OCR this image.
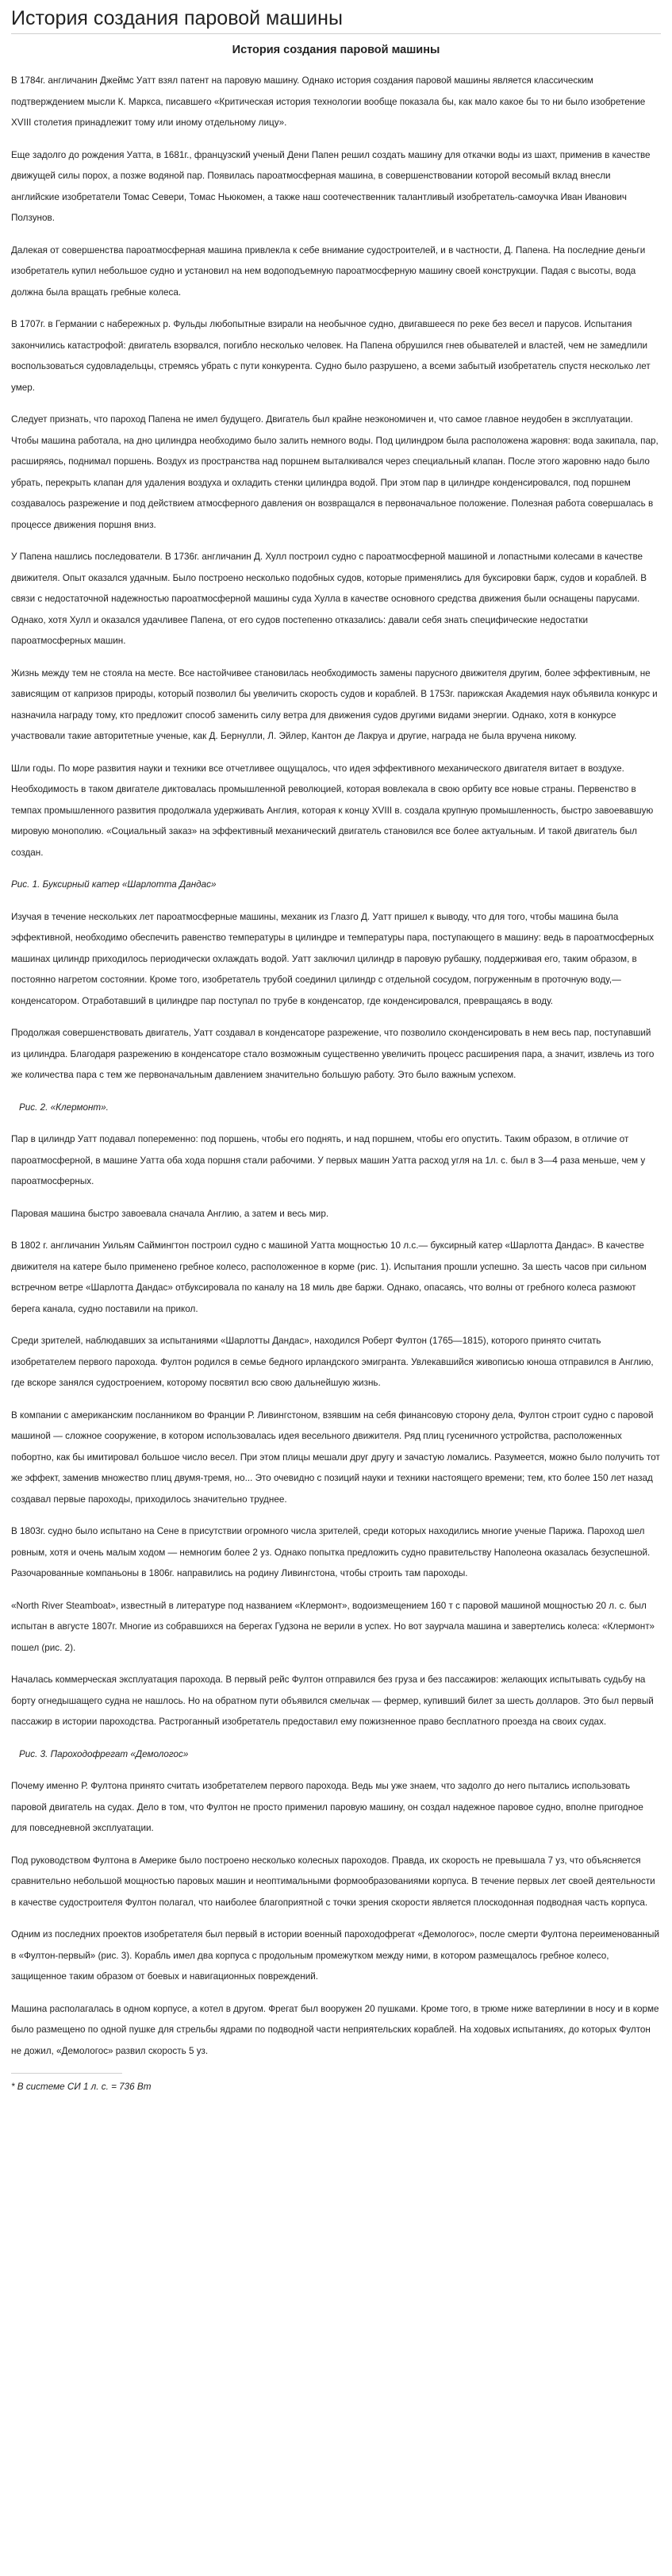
История создания паровой машины
История создания паровой машины

В 1784г. англичанин Джеймс Уатт взял патент на паровую машину. Однако история создания паровой машины является классическим подтверждением мысли К. Маркса, писавшего «Критическая история технологии вообще показала бы, как мало какое бы то ни было изобретение XVIII столетия принадлежит тому или иному отдельному лицу».

Еще задолго до рождения Уатта, в 1681г., французский ученый Дени Папен решил создать машину для откачки воды из шахт, применив в качестве движущей силы порох, а позже водяной пар. Появилась пароатмосферная машина, в совершенствовании которой весомый вклад внесли английские изобретатели Томас Севери, Томас Ньюкомен, а также наш соотечественник талантливый изобретатель-самоучка Иван Иванович Ползунов.

Далекая от совершенства пароатмосферная машина привлекла к себе внимание судостроителей, и в частности, Д. Папена. На последние деньги изобретатель купил небольшое судно и установил на нем водоподъемную пароатмосферную машину своей конструкции. Падая с высоты, вода должна была вращать гребные колеса.

В 1707г. в Германии с набережных р. Фульды любопытные взирали на необычное судно, двигавшееся по реке без весел и парусов. Испытания закончились катастрофой: двигатель взорвался, погибло несколько человек. На Папена обрушился гнев обывателей и властей, чем не замедлили воспользоваться судовладельцы, стремясь убрать с пути конкурента. Судно было разрушено, а всеми забытый изобретатель спустя несколько лет умер.

Следует признать, что пароход Папена не имел будущего. Двигатель был крайне неэкономичен и, что самое главное неудобен в эксплуатации. Чтобы машина работала, на дно цилиндра необходимо было залить немного воды. Под цилиндром была расположена жаровня: вода закипала, пар, расширяясь, поднимал поршень. Воздух из пространства над поршнем выталкивался через специальный клапан. После этого жаровню надо было убрать, перекрыть клапан для удаления воздуха и охладить стенки цилиндра водой. При этом пар в цилиндре конденсировался, под поршнем создавалось разрежение и под действием атмосферного давления он возвращался в первоначальное положение. Полезная работа совершалась в процессе движения поршня вниз.

У Папена нашлись последователи. В 1736г. англичанин Д. Хулл построил судно с пароатмосферной машиной и лопастными колесами в качестве движителя. Опыт оказался удачным. Было построено несколько подобных судов, которые применялись для буксировки барж, судов и кораблей. В связи с недостаточной надежностью пароатмосферной машины суда Хулла в качестве основного средства движения были оснащены парусами. Однако, хотя Хулл и оказался удачливее Папена, от его судов постепенно отказались: давали себя знать специфические недостатки пароатмосферных машин.

Жизнь между тем не стояла на месте. Все настойчивее становилась необходимость замены парусного движителя другим, более эффективным, не зависящим от капризов природы, который позволил бы увеличить скорость судов и кораблей. В 1753г. парижская Академия наук объявила конкурс и назначила награду тому, кто предложит способ заменить силу ветра для движения судов другими видами энергии. Однако, хотя в конкурсе участвовали такие авторитетные ученые, как Д. Бернулли, Л. Эйлер, Кантон де Лакруа и другие, награда не была вручена никому.

Шли годы. По море развития науки и техники все отчетливее ощущалось, что идея эффективного механического двигателя витает в воздухе. Необходимость в таком двигателе диктовалась промышленной революцией, которая вовлекала в свою орбиту все новые страны. Первенство в темпах промышленного развития продолжала удерживать Англия, которая к концу XVIII в. создала крупную промышленность, быстро завоевавшую мировую монополию. «Социальный заказ» на эффективный механический двигатель становился все более актуальным. И такой двигатель был создан.

Рис. 1. Буксирный катер «Шарлотта Дандас»

Изучая в течение нескольких лет пароатмосферные машины, механик из Глазго Д. Уатт пришел к выводу, что для того, чтобы машина была эффективной, необходимо обеспечить равенство температуры в цилиндре и температуры пара, поступающего в машину: ведь в пароатмосферных машинах цилиндр приходилось периодически охлаждать водой. Уатт заключил цилиндр в паровую рубашку, поддерживая его, таким образом, в постоянно нагретом состоянии. Кроме того, изобретатель трубой соединил цилиндр с отдельной сосудом, погруженным в проточную воду,— конденсатором. Отработавший в цилиндре пар поступал по трубе в конденсатор, где конденсировался, превращаясь в воду.

Продолжая совершенствовать двигатель, Уатт создавал в конденсаторе разрежение, что позволило сконденсировать в нем весь пар, поступавший из цилиндра. Благодаря разрежению в конденсаторе стало возможным существенно увеличить процесс расширения пара, а значит, извлечь из того же количества пара с тем же первоначальным давлением значительно большую работу. Это было важным успехом.

Рис. 2. «Клермонт».

Пар в цилиндр Уатт подавал попеременно: под поршень, чтобы его поднять, и над поршнем, чтобы его опустить. Таким образом, в отличие от пароатмосферной, в машине Уатта оба хода поршня стали рабочими. У первых машин Уатта расход угля на 1л. с. был в 3—4 раза меньше, чем у пароатмосферных.

Паровая машина быстро завоевала сначала Англию, а затем и весь мир.

В 1802 г. англичанин Уильям Саймингтон построил судно с машиной Уатта мощностью 10 л.с.— буксирный катер «Шарлотта Дандас». В качестве движителя на катере было применено гребное колесо, расположенное в корме (рис. 1). Испытания прошли успешно. За шесть часов при сильном встречном ветре «Шарлотта Дандас» отбуксировала по каналу на 18 миль две баржи. Однако, опасаясь, что волны от гребного колеса размоют берега канала, судно поставили на прикол.

Среди зрителей, наблюдавших за испытаниями «Шарлотты Дандас», находился Роберт Фултон (1765—1815), которого принято считать изобретателем первого парохода. Фултон родился в семье бедного ирландского эмигранта. Увлекавшийся живописью юноша отправился в Англию, где вскоре занялся судостроением, которому посвятил всю свою дальнейшую жизнь.

В компании с американским посланником во Франции Р. Ливингстоном, взявшим на себя финансовую сторону дела, Фултон строит судно с паровой машиной — сложное сооружение, в котором использовалась идея весельного движителя. Ряд плиц гусеничного устройства, расположенных побортно, как бы имитировал большое число весел. При этом плицы мешали друг другу и зачастую ломались. Разумеется, можно было получить тот же эффект, заменив множество плиц двумя-тремя, но... Это очевидно с позиций науки и техники настоящего времени; тем, кто более 150 лет назад создавал первые пароходы, приходилось значительно труднее.

В 1803г. судно было испытано на Сене в присутствии огромного числа зрителей, среди которых находились многие ученые Парижа. Пароход шел ровным, хотя и очень малым ходом — немногим более 2 уз. Однако попытка предложить судно правительству Наполеона оказалась безуспешной. Разочарованные компаньоны в 1806г. направились на родину Ливингстона, чтобы строить там пароходы.

«North River Steamboat», известный в литературе под названием «Клермонт», водоизмещением 160 т с паровой машиной мощностью 20 л. с. был испытан в августе 1807г. Многие из собравшихся на берегах Гудзона не верили в успех. Но вот заурчала машина и завертелись колеса: «Клермонт» пошел (рис. 2).

Началась коммерческая эксплуатация парохода. В первый рейс Фултон отправился без груза и без пассажиров: желающих испытывать судьбу на борту огнедышащего судна не нашлось. Но на обратном пути объявился смельчак — фермер, купивший билет за шесть долларов. Это был первый пассажир в истории пароходства. Растроганный изобретатель предоставил ему пожизненное право бесплатного проезда на своих судах.

Рис. 3. Пароходофрегат «Демологос»

Почему именно Р. Фултона принято считать изобретателем первого парохода. Ведь мы уже знаем, что задолго до него пытались использовать паровой двигатель на судах. Дело в том, что Фултон не просто применил паровую машину, он создал надежное паровое судно, вполне пригодное для повседневной эксплуатации.

Под руководством Фултона в Америке было построено несколько колесных пароходов. Правда, их скорость не превышала 7 уз, что объясняется сравнительно небольшой мощностью паровых машин и неоптимальными формообразованиями корпуса. В течение первых лет своей деятельности в качестве судостроителя Фултон полагал, что наиболее благоприятной с точки зрения скорости является плоскодонная подводная часть корпуса.

Одним из последних проектов изобретателя был первый в истории военный пароходофрегат «Демологос», после смерти Фултона переименованный в «Фултон-первый» (рис. 3). Корабль имел два корпуса с продольным промежутком между ними, в котором размещалось гребное колесо, защищенное таким образом от боевых и навигационных повреждений.

Машина располагалась в одном корпусе, а котел в другом. Фрегат был вооружен 20 пушками. Кроме того, в трюме ниже ватерлинии в носу и в корме было размещено по одной пушке для стрельбы ядрами по подводной части неприятельских кораблей. На ходовых испытаниях, до которых Фултон не дожил, «Демологос» развил скорость 5 уз.

* В системе СИ 1 л. с. = 736 Вт
